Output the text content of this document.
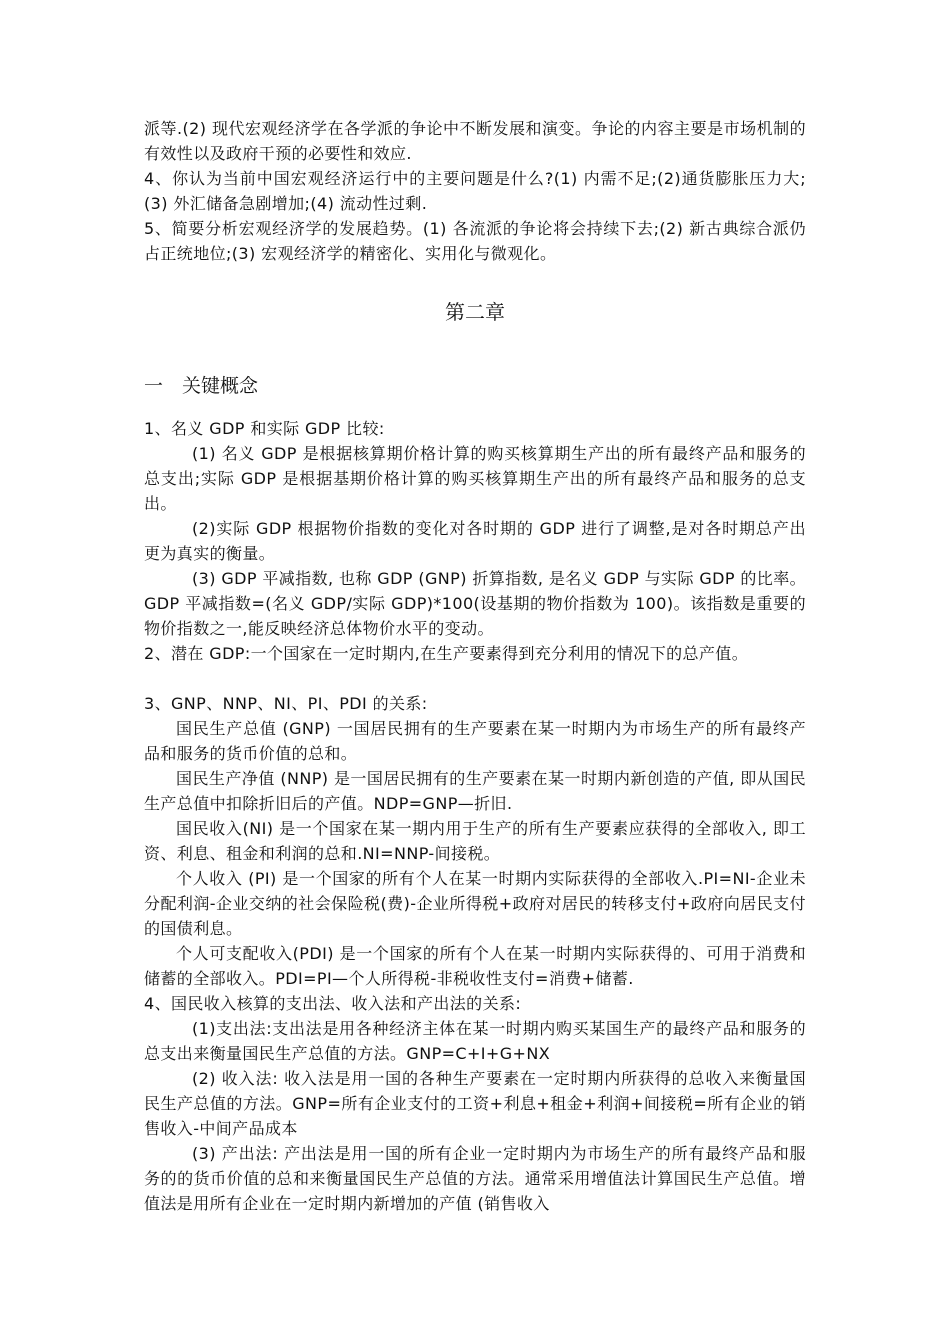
派等.(2) 现代宏观经济学在各学派的争论中不断发展和演变。争论的内容主要是市场机制的有效性以及政府干预的必要性和效应.

4、你认为当前中国宏观经济运行中的主要问题是什么?(1) 内需不足;(2)通货膨胀压力大;(3) 外汇储备急剧增加;(4) 流动性过剩.

5、简要分析宏观经济学的发展趋势。(1) 各流派的争论将会持续下去;(2) 新古典综合派仍占正统地位;(3) 宏观经济学的精密化、实用化与微观化。

第二章
一　关键概念

1、名义 GDP 和实际 GDP 比较:

(1) 名义 GDP 是根据核算期价格计算的购买核算期生产出的所有最终产品和服务的总支出;实际 GDP 是根据基期价格计算的购买核算期生产出的所有最终产品和服务的总支出。

(2)实际 GDP 根据物价指数的变化对各时期的 GDP 进行了调整,是对各时期总产出更为真实的衡量。

(3) GDP 平减指数, 也称 GDP (GNP) 折算指数, 是名义 GDP 与实际 GDP 的比率。GDP 平减指数=(名义 GDP/实际 GDP)*100(设基期的物价指数为 100)。该指数是重要的物价指数之一,能反映经济总体物价水平的变动。

2、潜在 GDP:一个国家在一定时期内,在生产要素得到充分利用的情况下的总产值。

3、GNP、NNP、NI、PI、PDI 的关系:

国民生产总值 (GNP) 一国居民拥有的生产要素在某一时期内为市场生产的所有最终产品和服务的货币价值的总和。

国民生产净值 (NNP) 是一国居民拥有的生产要素在某一时期内新创造的产值, 即从国民生产总值中扣除折旧后的产值。NDP=GNP—折旧.

国民收入(NI) 是一个国家在某一期内用于生产的所有生产要素应获得的全部收入, 即工资、利息、租金和利润的总和.NI=NNP-间接税。

个人收入 (PI) 是一个国家的所有个人在某一时期内实际获得的全部收入.PI=NI-企业未分配利润-企业交纳的社会保险税(费)-企业所得税+政府对居民的转移支付+政府向居民支付的国债利息。

个人可支配收入(PDI) 是一个国家的所有个人在某一时期内实际获得的、可用于消费和储蓄的全部收入。PDI=PI—个人所得税-非税收性支付=消费+储蓄.

4、国民收入核算的支出法、收入法和产出法的关系:

(1)支出法:支出法是用各种经济主体在某一时期内购买某国生产的最终产品和服务的总支出来衡量国民生产总值的方法。GNP=C+I+G+NX

(2) 收入法: 收入法是用一国的各种生产要素在一定时期内所获得的总收入来衡量国民生产总值的方法。GNP=所有企业支付的工资+利息+租金+利润+间接税=所有企业的销售收入-中间产品成本

(3) 产出法: 产出法是用一国的所有企业一定时期内为市场生产的所有最终产品和服务的的货币价值的总和来衡量国民生产总值的方法。通常采用增值法计算国民生产总值。增值法是用所有企业在一定时期内新增加的产值 (销售收入
